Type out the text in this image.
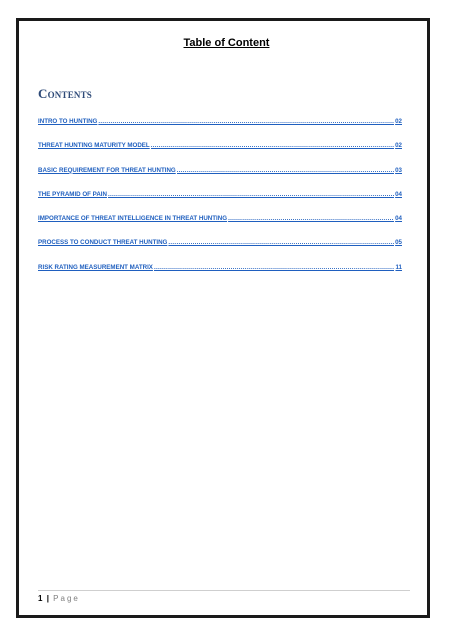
Table of Content
Contents
INTRO TO HUNTING .....	02
THREAT HUNTING MATURITY MODEL .....	02
BASIC REQUIREMENT FOR THREAT HUNTING .....	03
THE PYRAMID OF PAIN .....	04
IMPORTANCE OF THREAT INTELLIGENCE IN THREAT HUNTING .....	04
PROCESS TO CONDUCT THREAT HUNTING .....	05
RISK RATING MEASUREMENT MATRIX .....	11
1 | Page
